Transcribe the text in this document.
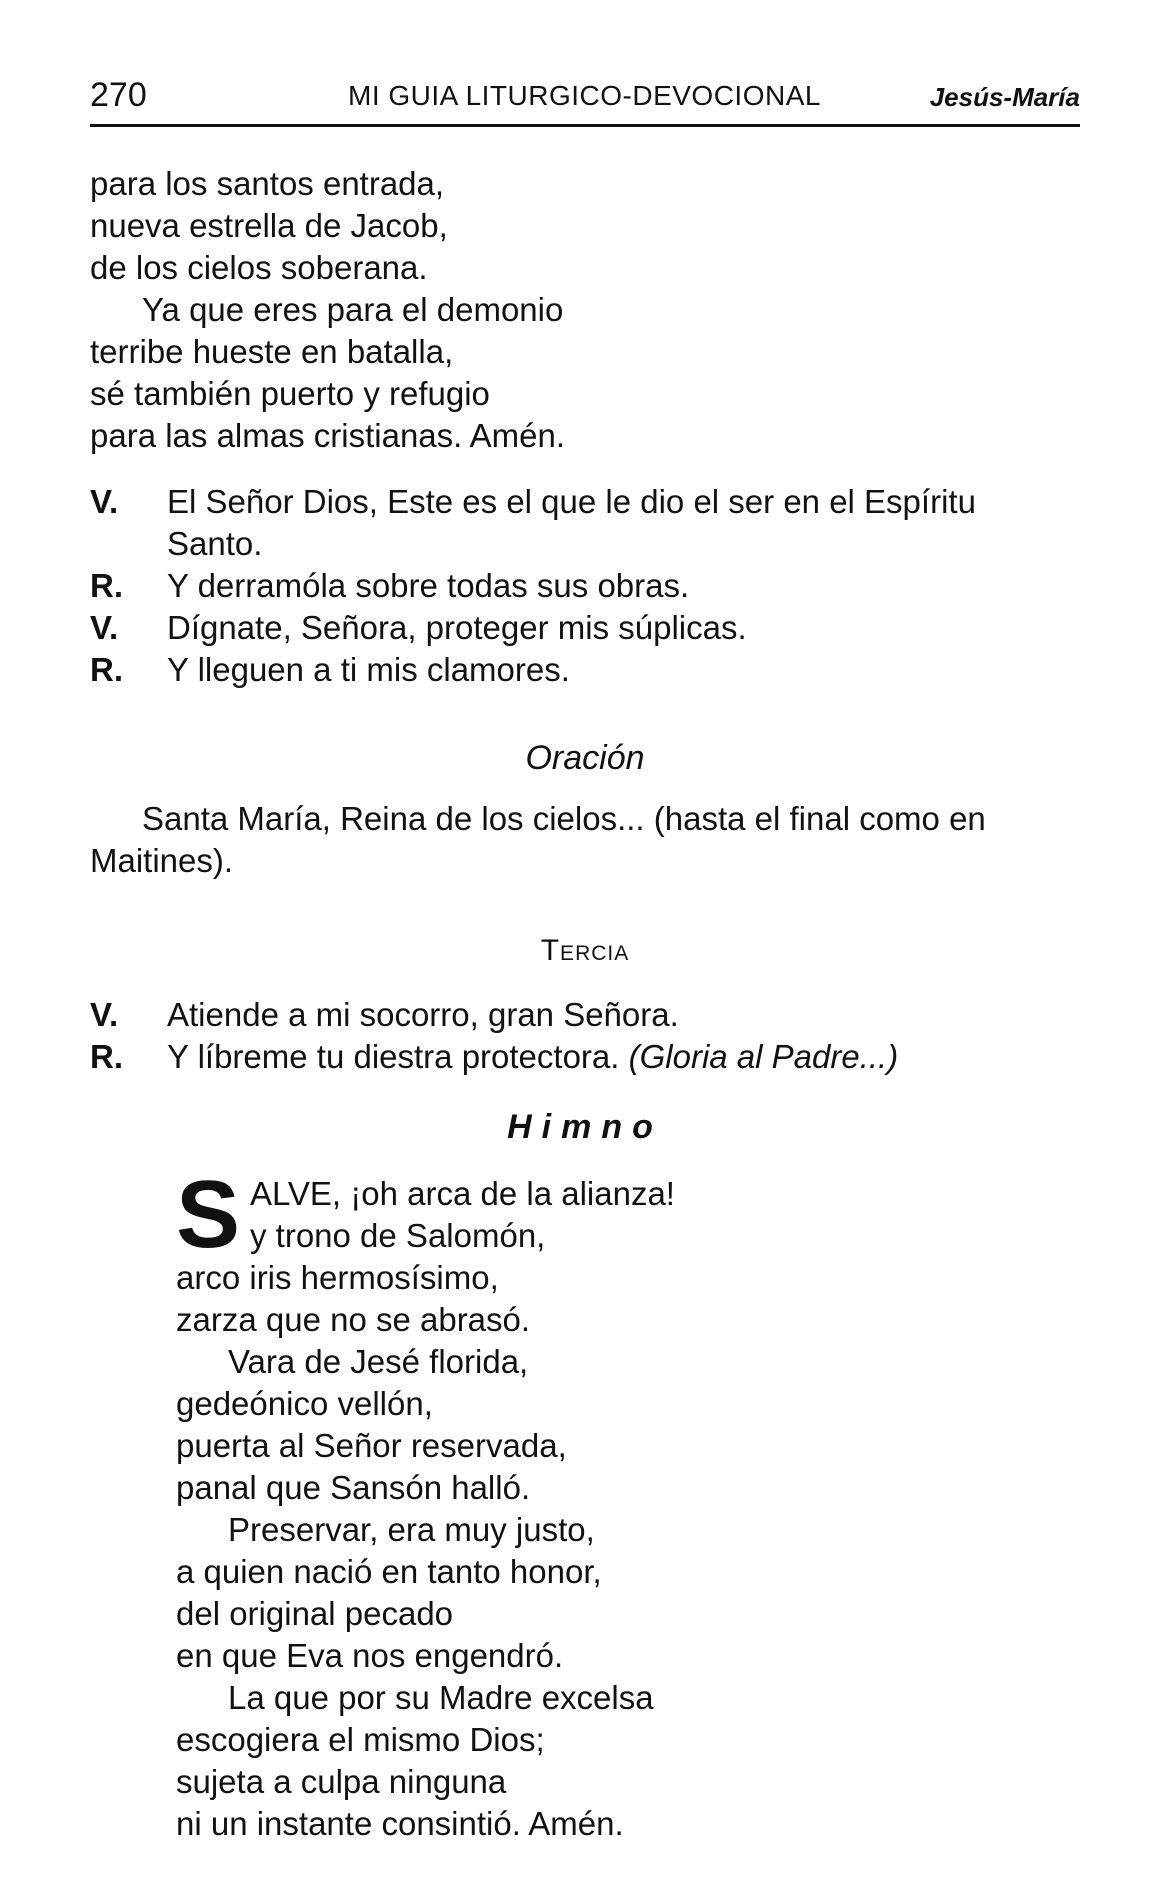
270	MI GUIA LITURGICO-DEVOCIONAL	Jesús-María
para los santos entrada,
nueva estrella de Jacob,
de los cielos soberana.
Ya que eres para el demonio
terribe hueste en batalla,
sé también puerto y refugio
para las almas cristianas. Amén.
V.	El Señor Dios, Este es el que le dio el ser en el Espíritu Santo.
R.	Y derramóla sobre todas sus obras.
V.	Dígnate, Señora, proteger mis súplicas.
R.	Y lleguen a ti mis clamores.
Oración

Santa María, Reina de los cielos... (hasta el final como en Maitines).

Tercia
V.	Atiende a mi socorro, gran Señora.
R.	Y líbreme tu diestra protectora. (Gloria al Padre...)
Himno
S ALVE, ¡oh arca de la alianza!
y trono de Salomón,
arco iris hermosísimo,
zarza que no se abrasó.
Vara de Jesé florida,
gedeónico vellón,
puerta al Señor reservada,
panal que Sansón halló.
Preservar, era muy justo,
a quien nació en tanto honor,
del original pecado
en que Eva nos engendró.
La que por su Madre excelsa
escogiera el mismo Dios;
sujeta a culpa ninguna
ni un instante consintió. Amén.
